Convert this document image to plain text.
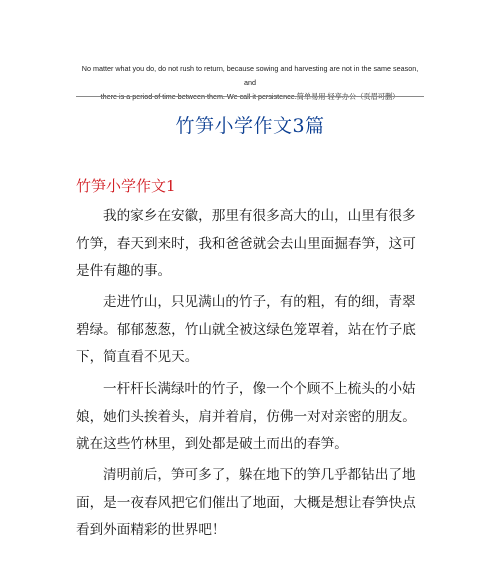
No matter what you do, do not rush to return, because sowing and harvesting are not in the same season, and
there is a period of time between them. We call it persistence.简单易用 轻享办公（页眉可删）
竹笋小学作文3篇
竹笋小学作文1

我的家乡在安徽，那里有很多高大的山，山里有很多竹笋，春天到来时，我和爸爸就会去山里面掘春笋，这可是件有趣的事。

走进竹山，只见满山的竹子，有的粗，有的细，青翠碧绿。郁郁葱葱，竹山就全被这绿色笼罩着，站在竹子底下，简直看不见天。

一杆杆长满绿叶的竹子，像一个个顾不上梳头的小姑娘，她们头挨着头，肩并着肩，仿佛一对对亲密的朋友。就在这些竹林里，到处都是破土而出的春笋。

清明前后，笋可多了，躲在地下的笋几乎都钻出了地面，是一夜春风把它们催出了地面，大概是想让春笋快点看到外面精彩的世界吧！
